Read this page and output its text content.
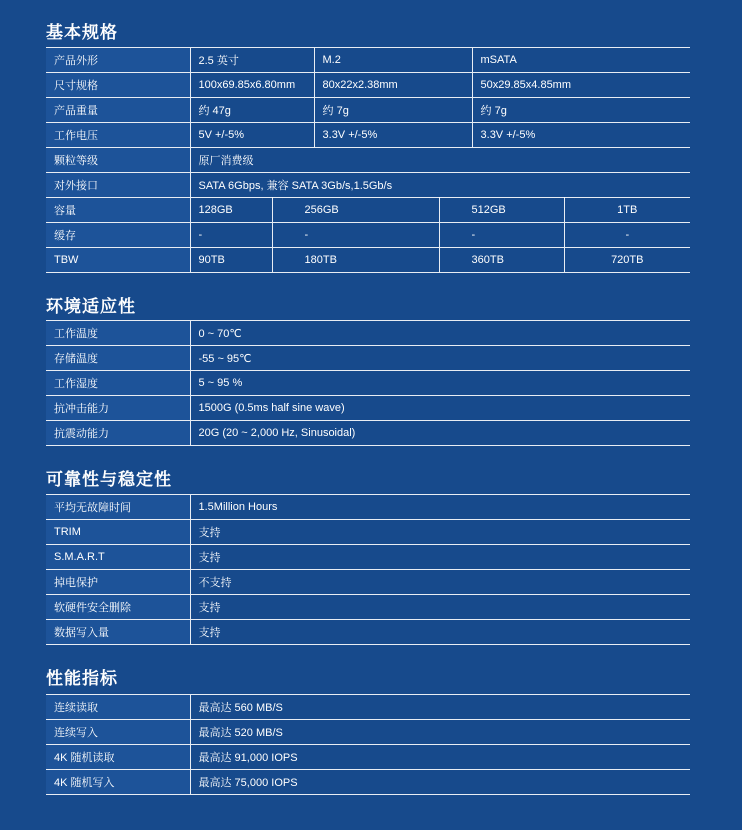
基本规格
产品外形	2.5 英寸		M.2		mSATA	
尺寸规格	100x69.85x6.80mm		80x22x2.38mm		50x29.85x4.85mm	
产品重量	约 47g		约 7g		约 7g	
工作电压	5V +/-5%		3.3V +/-5%		3.3V +/-5%	
颗粒等级	原厂消费级					
对外接口	SATA 6Gbps, 兼容 SATA 3Gb/s,1.5Gb/s					
容量	128GB	256GB		512GB		1TB
缓存	-	-		-		-
TBW	90TB	180TB		360TB		720TB
环境适应性
工作温度	0 ~ 70℃
存储温度	-55 ~ 95℃
工作湿度	5 ~ 95 %
抗冲击能力	1500G (0.5ms half sine wave)
抗震动能力	20G (20 ~ 2,000 Hz, Sinusoidal)
可靠性与稳定性
平均无故障时间	1.5Million Hours
TRIM	支持
S.M.A.R.T	支持
掉电保护	不支持
软硬件安全删除	支持
数据写入量	支持
性能指标
连续读取	最高达 560 MB/S
连续写入	最高达 520 MB/S
4K 随机读取	最高达 91,000 IOPS
4K 随机写入	最高达 75,000 IOPS
